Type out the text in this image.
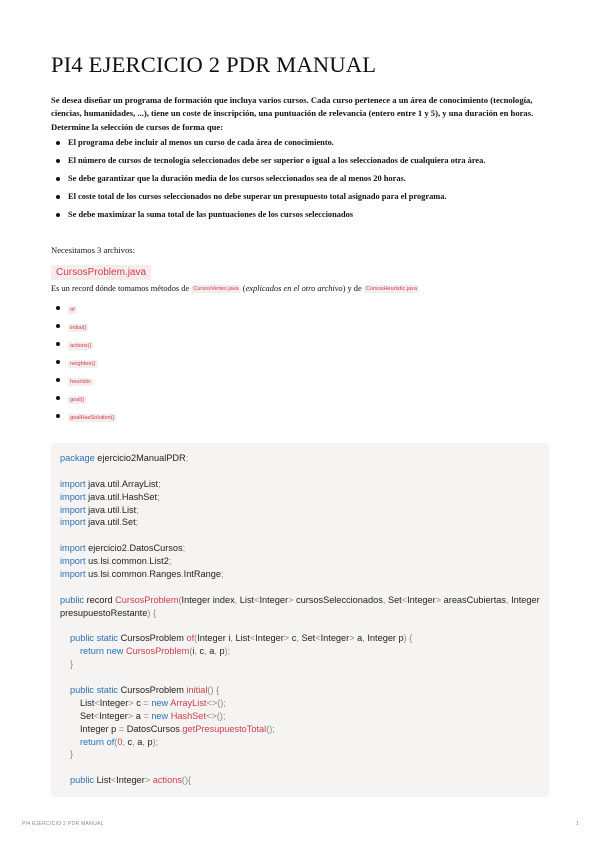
PI4 EJERCICIO 2 PDR MANUAL

Se desea diseñar un programa de formación que incluya varios cursos. Cada curso pertenece a un área de conocimiento (tecnología, ciencias, humanidades, ...), tiene un coste de inscripción, una puntuación de relevancia (entero entre 1 y 5), y una duración en horas. Determine la selección de cursos de forma que:

El programa debe incluir al menos un curso de cada área de conocimiento.
El número de cursos de tecnología seleccionados debe ser superior o igual a los seleccionados de cualquiera otra área.
Se debe garantizar que la duración media de los cursos seleccionados sea de al menos 20 horas.
El coste total de los cursos seleccionados no debe superar un presupuesto total asignado para el programa.
Se debe maximizar la suma total de las puntuaciones de los cursos seleccionados

Necesitamos 3 archivos:

CursosProblem.java

Es un record dónde tomamos métodos de CursosVertex.java (explicados en el otro archivo) y de CursosHeuristic.java

of
initial()
actions()
neighbor()
heuristic
goal()
goalHasSolution()
package ejercicio2ManualPDR;
import java.util.ArrayList;
import java.util.HashSet;
import java.util.List;
import java.util.Set;
import ejercicio2.DatosCursos;
import us.lsi.common.List2;
import us.lsi.common.Ranges.IntRange;
public record CursosProblem(Integer index, List<Integer> cursosSeleccionados, Set<Integer> areasCubiertas, Integer
presupuestoRestante) {
public static CursosProblem of(Integer i, List<Integer> c, Set<Integer> a, Integer p) {
return new CursosProblem(i, c, a, p);
}
public static CursosProblem initial() {
List<Integer> c = new ArrayList<>();
Set<Integer> a = new HashSet<>();
Integer p = DatosCursos.getPresupuestoTotal();
return of(0, c, a, p);
}
public List<Integer> actions(){
PI4 EJERCICIO 2 PDR MANUAL	1
